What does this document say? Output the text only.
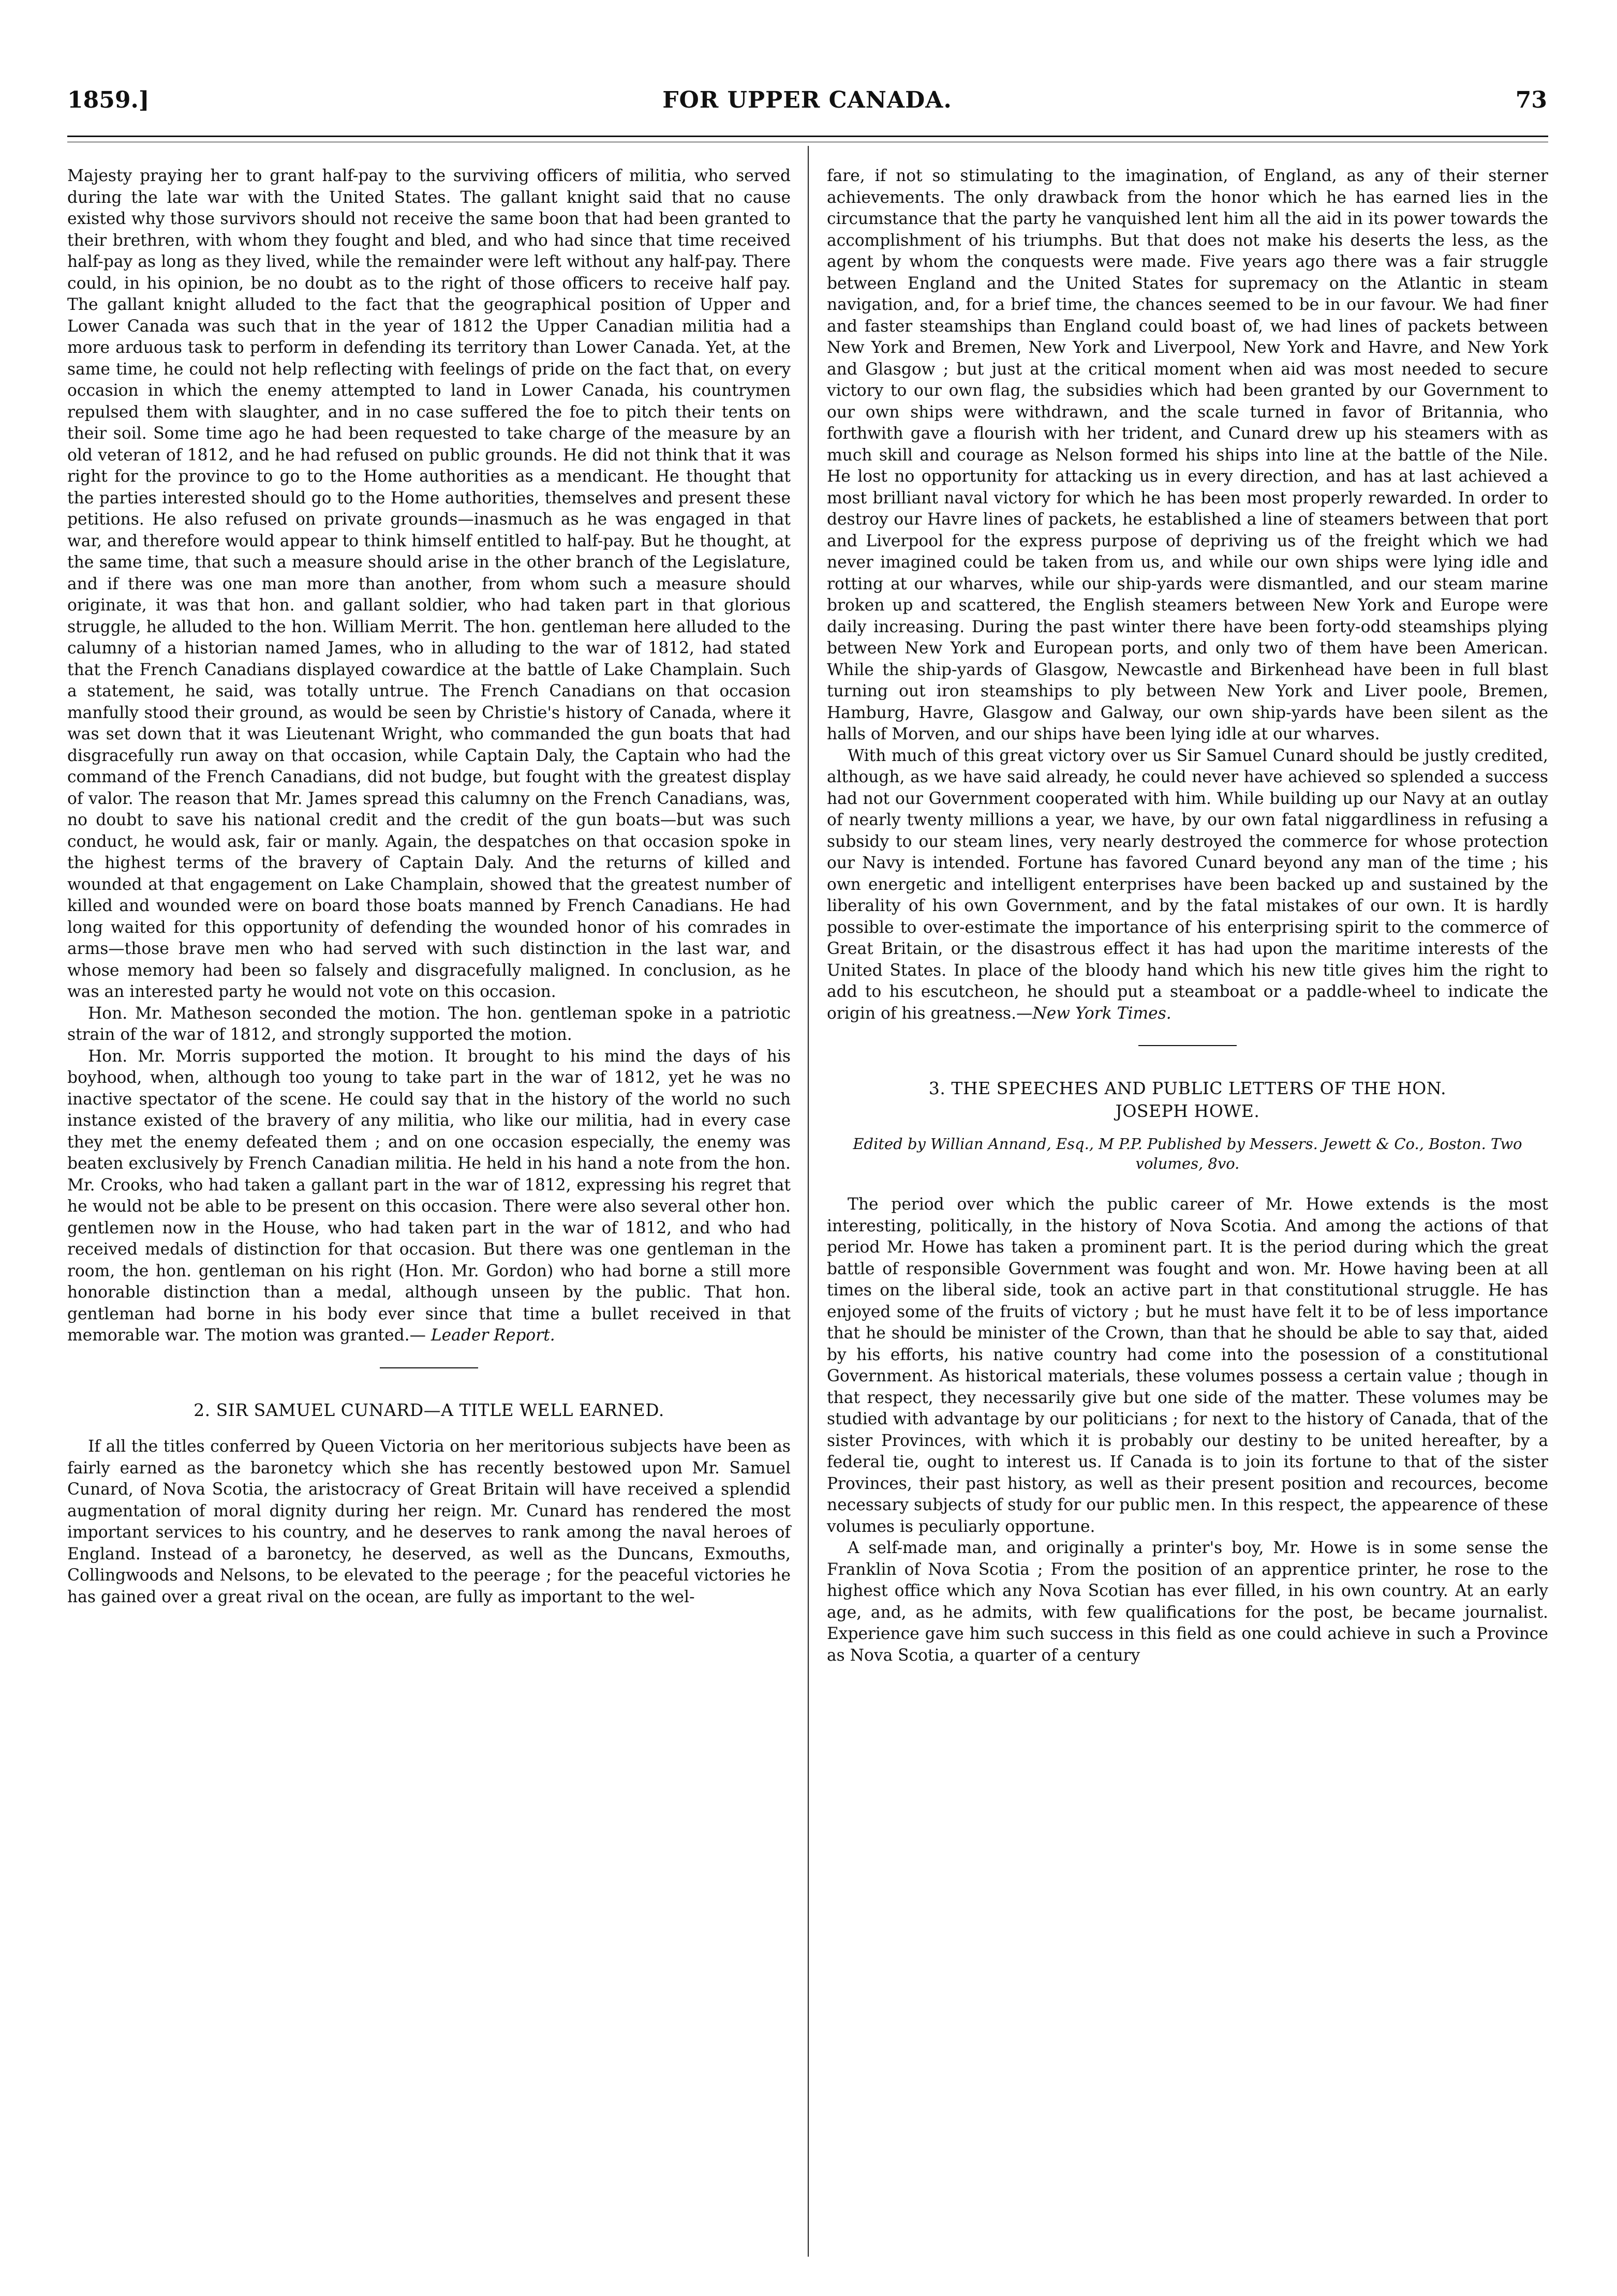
1859.]	FOR UPPER CANADA.	73

Majesty praying her to grant half-pay to the surviving officers of militia, who served during the late war with the United States. The gallant knight said that no cause existed why those survivors should not receive the same boon that had been granted to their brethren, with whom they fought and bled, and who had since that time received half-pay as long as they lived, while the remainder were left without any half-pay. There could, in his opinion, be no doubt as to the right of those officers to receive half pay. The gallant knight alluded to the fact that the geographical position of Upper and Lower Canada was such that in the year of 1812 the Upper Canadian militia had a more arduous task to perform in defending its territory than Lower Canada. Yet, at the same time, he could not help reflecting with feelings of pride on the fact that, on every occasion in which the enemy attempted to land in Lower Canada, his countrymen repulsed them with slaughter, and in no case suffered the foe to pitch their tents on their soil. Some time ago he had been requested to take charge of the measure by an old veteran of 1812, and he had refused on public grounds. He did not think that it was right for the province to go to the Home authorities as a mendicant. He thought that the parties interested should go to the Home authorities, themselves and present these petitions. He also refused on private grounds—inasmuch as he was engaged in that war, and therefore would appear to think himself entitled to half-pay. But he thought, at the same time, that such a measure should arise in the other branch of the Legislature, and if there was one man more than another, from whom such a measure should originate, it was that hon. and gallant soldier, who had taken part in that glorious struggle, he alluded to the hon. William Merrit. The hon. gentleman here alluded to the calumny of a historian named James, who in alluding to the war of 1812, had stated that the French Canadians displayed cowardice at the battle of Lake Champlain. Such a statement, he said, was totally untrue. The French Canadians on that occasion manfully stood their ground, as would be seen by Christie's history of Canada, where it was set down that it was Lieutenant Wright, who commanded the gun boats that had disgracefully run away on that occasion, while Captain Daly, the Captain who had the command of the French Canadians, did not budge, but fought with the greatest display of valor. The reason that Mr. James spread this calumny on the French Canadians, was, no doubt to save his national credit and the credit of the gun boats—but was such conduct, he would ask, fair or manly. Again, the despatches on that occasion spoke in the highest terms of the bravery of Captain Daly. And the returns of killed and wounded at that engagement on Lake Champlain, showed that the greatest number of killed and wounded were on board those boats manned by French Canadians. He had long waited for this opportunity of defending the wounded honor of his comrades in arms—those brave men who had served with such distinction in the last war, and whose memory had been so falsely and disgracefully maligned. In conclusion, as he was an interested party he would not vote on this occasion.

Hon. Mr. Matheson seconded the motion. The hon. gentleman spoke in a patriotic strain of the war of 1812, and strongly supported the motion.

Hon. Mr. Morris supported the motion. It brought to his mind the days of his boyhood, when, although too young to take part in the war of 1812, yet he was no inactive spectator of the scene. He could say that in the history of the world no such instance existed of the bravery of any militia, who like our militia, had in every case they met the enemy defeated them ; and on one occasion especially, the enemy was beaten exclusively by French Canadian militia. He held in his hand a note from the hon. Mr. Crooks, who had taken a gallant part in the war of 1812, expressing his regret that he would not be able to be present on this occasion. There were also several other hon. gentlemen now in the House, who had taken part in the war of 1812, and who had received medals of distinction for that occasion. But there was one gentleman in the room, the hon. gentleman on his right (Hon. Mr. Gordon) who had borne a still more honorable distinction than a medal, although unseen by the public. That hon. gentleman had borne in his body ever since that time a bullet received in that memorable war. The motion was granted.— Leader Report.

2. SIR SAMUEL CUNARD—A TITLE WELL EARNED.

If all the titles conferred by Queen Victoria on her meritorious subjects have been as fairly earned as the baronetcy which she has recently bestowed upon Mr. Samuel Cunard, of Nova Scotia, the aristocracy of Great Britain will have received a splendid augmentation of moral dignity during her reign. Mr. Cunard has rendered the most important services to his country, and he deserves to rank among the naval heroes of England. Instead of a baronetcy, he deserved, as well as the Duncans, Exmouths, Collingwoods and Nelsons, to be elevated to the peerage ; for the peaceful victories he has gained over a great rival on the ocean, are fully as important to the wel-

fare, if not so stimulating to the imagination, of England, as any of their sterner achievements. The only drawback from the honor which he has earned lies in the circumstance that the party he vanquished lent him all the aid in its power towards the accomplishment of his triumphs. But that does not make his deserts the less, as the agent by whom the conquests were made. Five years ago there was a fair struggle between England and the United States for supremacy on the Atlantic in steam navigation, and, for a brief time, the chances seemed to be in our favour. We had finer and faster steamships than England could boast of, we had lines of packets between New York and Bremen, New York and Liverpool, New York and Havre, and New York and Glasgow ; but just at the critical moment when aid was most needed to secure victory to our own flag, the subsidies which had been granted by our Government to our own ships were withdrawn, and the scale turned in favor of Britannia, who forthwith gave a flourish with her trident, and Cunard drew up his steamers with as much skill and courage as Nelson formed his ships into line at the battle of the Nile. He lost no opportunity for attacking us in every direction, and has at last achieved a most brilliant naval victory for which he has been most properly rewarded. In order to destroy our Havre lines of packets, he established a line of steamers between that port and Liverpool for the express purpose of depriving us of the freight which we had never imagined could be taken from us, and while our own ships were lying idle and rotting at our wharves, while our ship-yards were dismantled, and our steam marine broken up and scattered, the English steamers between New York and Europe were daily increasing. During the past winter there have been forty-odd steamships plying between New York and European ports, and only two of them have been American. While the ship-yards of Glasgow, Newcastle and Birkenhead have been in full blast turning out iron steamships to ply between New York and Liver poole, Bremen, Hamburg, Havre, Glasgow and Galway, our own ship-yards have been silent as the halls of Morven, and our ships have been lying idle at our wharves.

With much of this great victory over us Sir Samuel Cunard should be justly credited, although, as we have said already, he could never have achieved so splended a success had not our Government cooperated with him. While building up our Navy at an outlay of nearly twenty millions a year, we have, by our own fatal niggardliness in refusing a subsidy to our steam lines, very nearly destroyed the commerce for whose protection our Navy is intended. Fortune has favored Cunard beyond any man of the time ; his own energetic and intelligent enterprises have been backed up and sustained by the liberality of his own Government, and by the fatal mistakes of our own. It is hardly possible to over-estimate the importance of his enterprising spirit to the commerce of Great Britain, or the disastrous effect it has had upon the maritime interests of the United States. In place of the bloody hand which his new title gives him the right to add to his escutcheon, he should put a steamboat or a paddle-wheel to indicate the origin of his greatness.—New York Times.

3. THE SPEECHES AND PUBLIC LETTERS OF THE HON.
JOSEPH HOWE.
Edited by Willian Annand, Esq., M P.P. Published by Messers. Jewett & Co., Boston. Two volumes, 8vo.

The period over which the public career of Mr. Howe extends is the most interesting, politically, in the history of Nova Scotia. And among the actions of that period Mr. Howe has taken a prominent part. It is the period during which the great battle of responsible Government was fought and won. Mr. Howe having been at all times on the liberal side, took an active part in that constitutional struggle. He has enjoyed some of the fruits of victory ; but he must have felt it to be of less importance that he should be minister of the Crown, than that he should be able to say that, aided by his efforts, his native country had come into the posession of a constitutional Government. As historical materials, these volumes possess a certain value ; though in that respect, they necessarily give but one side of the matter. These volumes may be studied with advantage by our politicians ; for next to the history of Canada, that of the sister Provinces, with which it is probably our destiny to be united hereafter, by a federal tie, ought to interest us. If Canada is to join its fortune to that of the sister Provinces, their past history, as well as their present position and recources, become necessary subjects of study for our public men. In this respect, the appearence of these volumes is peculiarly opportune.

A self-made man, and originally a printer's boy, Mr. Howe is in some sense the Franklin of Nova Scotia ; From the position of an apprentice printer, he rose to the highest office which any Nova Scotian has ever filled, in his own country. At an early age, and, as he admits, with few qualifications for the post, be became journalist. Experience gave him such success in this field as one could achieve in such a Province as Nova Scotia, a quarter of a century
